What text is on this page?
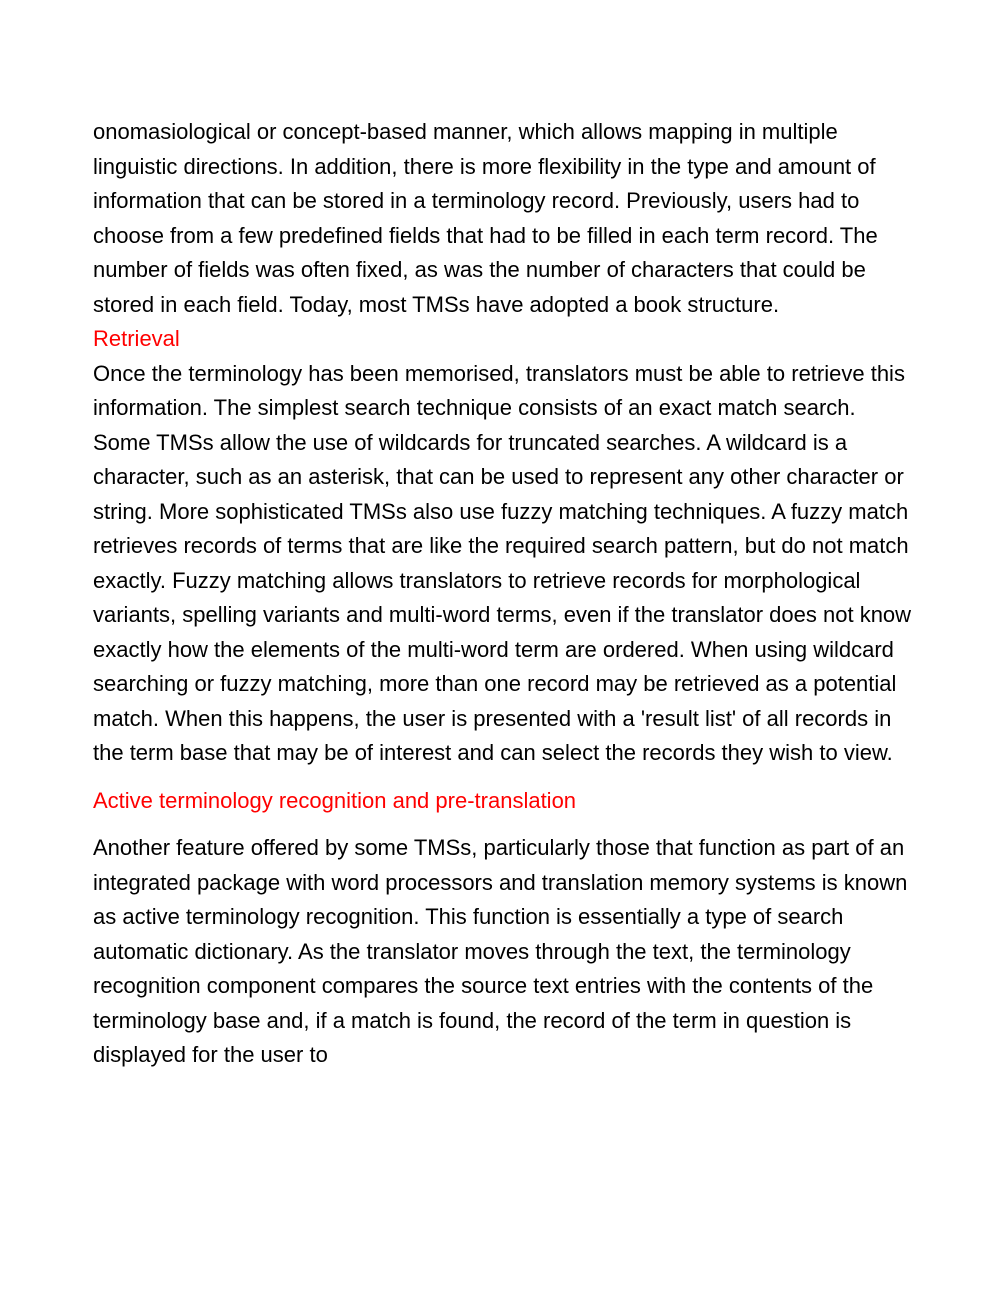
onomasiological or concept-based manner, which allows mapping in multiple linguistic directions. In addition, there is more flexibility in the type and amount of information that can be stored in a terminology record. Previously, users had to choose from a few predefined fields that had to be filled in each term record. The number of fields was often fixed, as was the number of characters that could be stored in each field. Today, most TMSs have adopted a book structure.

Retrieval

Once the terminology has been memorised, translators must be able to retrieve this information. The simplest search technique consists of an exact match search. Some TMSs allow the use of wildcards for truncated searches. A wildcard is a character, such as an asterisk, that can be used to represent any other character or string. More sophisticated TMSs also use fuzzy matching techniques. A fuzzy match retrieves records of terms that are like the required search pattern, but do not match exactly. Fuzzy matching allows translators to retrieve records for morphological variants, spelling variants and multi-word terms, even if the translator does not know exactly how the elements of the multi-word term are ordered. When using wildcard searching or fuzzy matching, more than one record may be retrieved as a potential match. When this happens, the user is presented with a 'result list' of all records in the term base that may be of interest and can select the records they wish to view.

Active terminology recognition and pre-translation

Another feature offered by some TMSs, particularly those that function as part of an integrated package with word processors and translation memory systems is known as active terminology recognition. This function is essentially a type of search automatic dictionary. As the translator moves through the text, the terminology recognition component compares the source text entries with the contents of the terminology base and, if a match is found, the record of the term in question is displayed for the user to
